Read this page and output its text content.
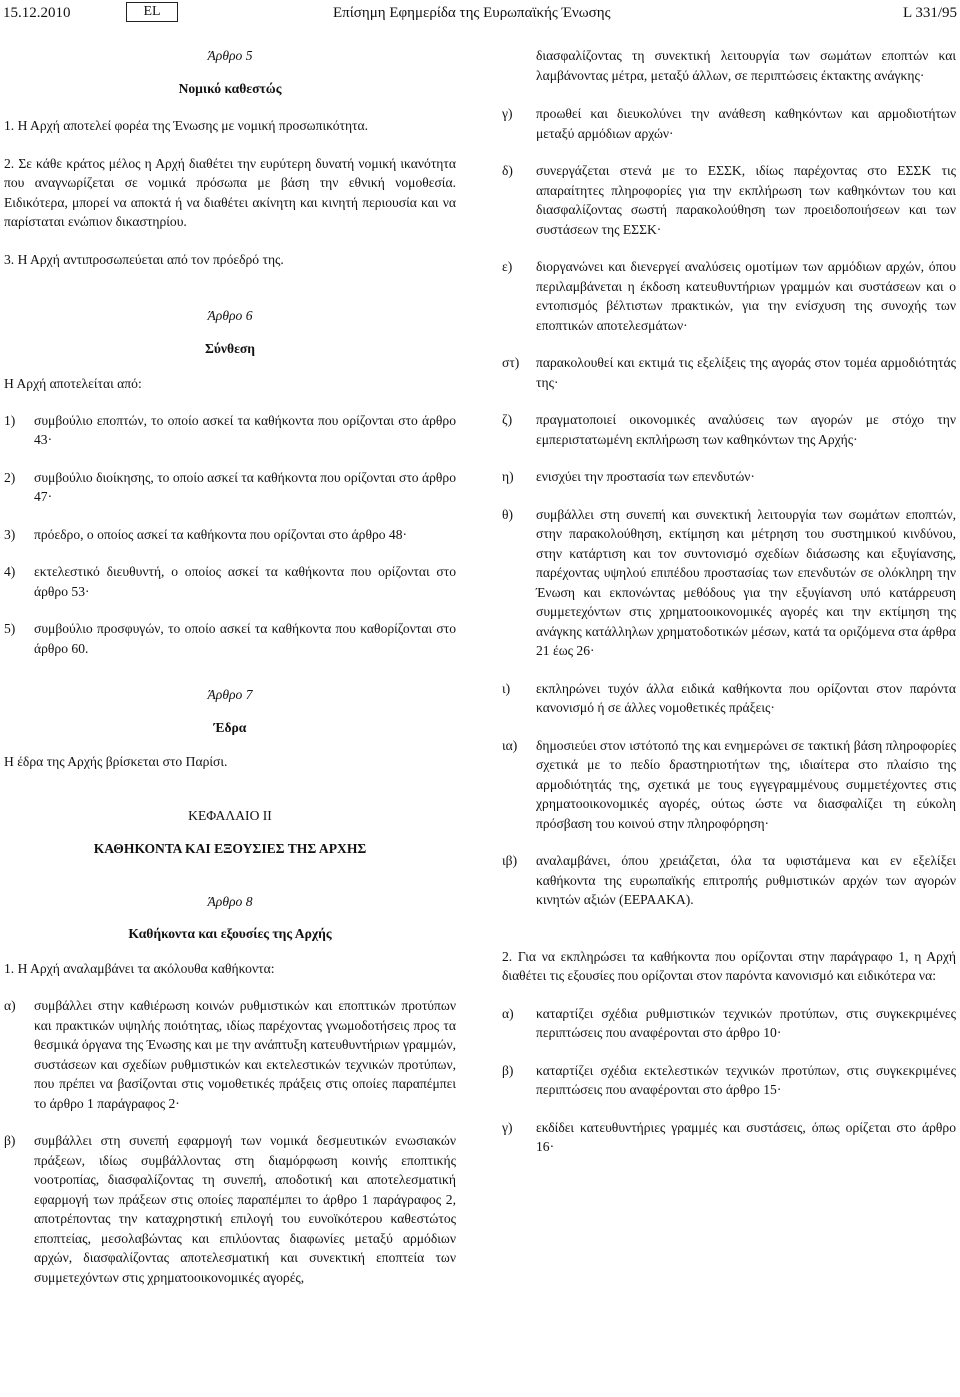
15.12.2010	EL	Επίσημη Εφημερίδα της Ευρωπαϊκής Ένωσης	L 331/95

Άρθρο 5

Νομικό καθεστώς

1. Η Αρχή αποτελεί φορέα της Ένωσης με νομική προσωπικότητα.

2. Σε κάθε κράτος μέλος η Αρχή διαθέτει την ευρύτερη δυνατή νομική ικανότητα που αναγνωρίζεται σε νομικά πρόσωπα με βάση την εθνική νομοθεσία. Ειδικότερα, μπορεί να αποκτά ή να διαθέτει ακίνητη και κινητή περιουσία και να παρίσταται ενώπιον δικαστηρίου.

3. Η Αρχή αντιπροσωπεύεται από τον πρόεδρό της.

Άρθρο 6

Σύνθεση

Η Αρχή αποτελείται από:

1)	συμβούλιο εποπτών, το οποίο ασκεί τα καθήκοντα που ορίζονται στο άρθρο 43·
2)	συμβούλιο διοίκησης, το οποίο ασκεί τα καθήκοντα που ορίζονται στο άρθρο 47·
3)	πρόεδρο, ο οποίος ασκεί τα καθήκοντα που ορίζονται στο άρθρο 48·
4)	εκτελεστικό διευθυντή, ο οποίος ασκεί τα καθήκοντα που ορίζονται στο άρθρο 53·
5)	συμβούλιο προσφυγών, το οποίο ασκεί τα καθήκοντα που καθορίζονται στο άρθρο 60.

Άρθρο 7

Έδρα

Η έδρα της Αρχής βρίσκεται στο Παρίσι.

ΚΕΦΑΛΑΙΟ II

ΚΑΘΗΚΟΝΤΑ ΚΑΙ ΕΞΟΥΣΙΕΣ ΤΗΣ ΑΡΧΗΣ

Άρθρο 8

Καθήκοντα και εξουσίες της Αρχής

1. Η Αρχή αναλαμβάνει τα ακόλουθα καθήκοντα:

α)	συμβάλλει στην καθιέρωση κοινών ρυθμιστικών και εποπτικών προτύπων και πρακτικών υψηλής ποιότητας, ιδίως παρέχοντας γνωμοδοτήσεις προς τα θεσμικά όργανα της Ένωσης και με την ανάπτυξη κατευθυντήριων γραμμών, συστάσεων και σχεδίων ρυθμιστικών και εκτελεστικών τεχνικών προτύπων, που πρέπει να βασίζονται στις νομοθετικές πράξεις στις οποίες παραπέμπει το άρθρο 1 παράγραφος 2·
β)	συμβάλλει στη συνεπή εφαρμογή των νομικά δεσμευτικών ενωσιακών πράξεων, ιδίως συμβάλλοντας στη διαμόρφωση κοινής εποπτικής νοοτροπίας, διασφαλίζοντας τη συνεπή, αποδοτική και αποτελεσματική εφαρμογή των πράξεων στις οποίες παραπέμπει το άρθρο 1 παράγραφος 2, αποτρέποντας την καταχρηστική επιλογή του ευνοϊκότερου καθεστώτος εποπτείας, μεσολαβώντας και επιλύοντας διαφωνίες μεταξύ αρμόδιων αρχών, διασφαλίζοντας αποτελεσματική και συνεκτική εποπτεία των συμμετεχόντων στις χρηματοοικονομικές αγορές,
διασφαλίζοντας τη συνεκτική λειτουργία των σωμάτων εποπτών και λαμβάνοντας μέτρα, μεταξύ άλλων, σε περιπτώσεις έκτακτης ανάγκης·
γ)	προωθεί και διευκολύνει την ανάθεση καθηκόντων και αρμοδιοτήτων μεταξύ αρμόδιων αρχών·
δ)	συνεργάζεται στενά με το ΕΣΣΚ, ιδίως παρέχοντας στο ΕΣΣΚ τις απαραίτητες πληροφορίες για την εκπλήρωση των καθηκόντων του και διασφαλίζοντας σωστή παρακολούθηση των προειδοποιήσεων και των συστάσεων της ΕΣΣΚ·
ε)	διοργανώνει και διενεργεί αναλύσεις ομοτίμων των αρμόδιων αρχών, όπου περιλαμβάνεται η έκδοση κατευθυντήριων γραμμών και συστάσεων και ο εντοπισμός βέλτιστων πρακτικών, για την ενίσχυση της συνοχής των εποπτικών αποτελεσμάτων·
στ)	παρακολουθεί και εκτιμά τις εξελίξεις της αγοράς στον τομέα αρμοδιότητάς της·
ζ)	πραγματοποιεί οικονομικές αναλύσεις των αγορών με στόχο την εμπεριστατωμένη εκπλήρωση των καθηκόντων της Αρχής·
η)	ενισχύει την προστασία των επενδυτών·
θ)	συμβάλλει στη συνεπή και συνεκτική λειτουργία των σωμάτων εποπτών, στην παρακολούθηση, εκτίμηση και μέτρηση του συστημικού κινδύνου, στην κατάρτιση και τον συντονισμό σχεδίων διάσωσης και εξυγίανσης, παρέχοντας υψηλού επιπέδου προστασίας των επενδυτών σε ολόκληρη την Ένωση και εκπονώντας μεθόδους για την εξυγίανση υπό κατάρρευση συμμετεχόντων στις χρηματοοικονομικές αγορές και την εκτίμηση της ανάγκης κατάλληλων χρηματοδοτικών μέσων, κατά τα οριζόμενα στα άρθρα 21 έως 26·
ι)	εκπληρώνει τυχόν άλλα ειδικά καθήκοντα που ορίζονται στον παρόντα κανονισμό ή σε άλλες νομοθετικές πράξεις·
ια)	δημοσιεύει στον ιστότοπό της και ενημερώνει σε τακτική βάση πληροφορίες σχετικά με το πεδίο δραστηριοτήτων της, ιδιαίτερα στο πλαίσιο της αρμοδιότητάς της, σχετικά με τους εγγεγραμμένους συμμετέχοντες στις χρηματοοικονομικές αγορές, ούτως ώστε να διασφαλίζει τη εύκολη πρόσβαση του κοινού στην πληροφόρηση·
ιβ)	αναλαμβάνει, όπου χρειάζεται, όλα τα υφιστάμενα και εν εξελίξει καθήκοντα της ευρωπαϊκής επιτροπής ρυθμιστικών αρχών των αγορών κινητών αξιών (ΕΕΡΑΑΚΑ).

2. Για να εκπληρώσει τα καθήκοντα που ορίζονται στην παράγραφο 1, η Αρχή διαθέτει τις εξουσίες που ορίζονται στον παρόντα κανονισμό και ειδικότερα να:

α)	καταρτίζει σχέδια ρυθμιστικών τεχνικών προτύπων, στις συγκεκριμένες περιπτώσεις που αναφέρονται στο άρθρο 10·
β)	καταρτίζει σχέδια εκτελεστικών τεχνικών προτύπων, στις συγκεκριμένες περιπτώσεις που αναφέρονται στο άρθρο 15·
γ)	εκδίδει κατευθυντήριες γραμμές και συστάσεις, όπως ορίζεται στο άρθρο 16·
